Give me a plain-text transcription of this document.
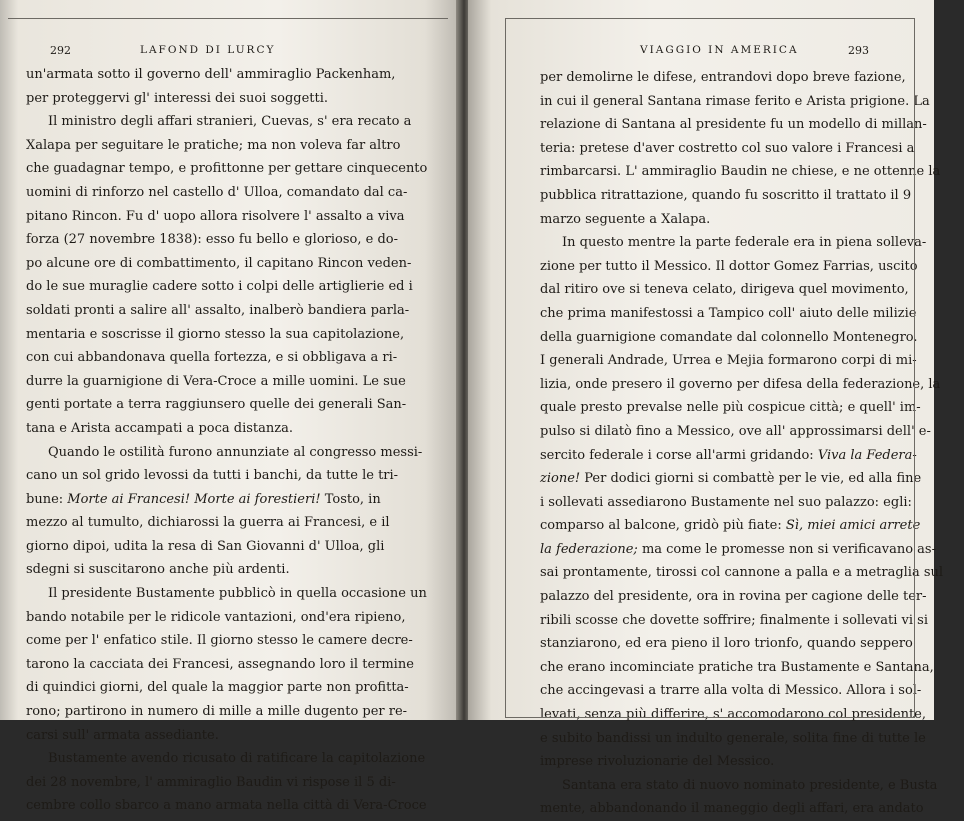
292	LAFOND DI LURCY
un'armata sotto il governo dell' ammiraglio Packenham,
per proteggervi gl' interessi dei suoi soggetti.
Il ministro degli affari stranieri, Cuevas, s' era recato a
Xalapa per seguitare le pratiche; ma non voleva far altro
che guadagnar tempo, e profittonne per gettare cinquecento
uomini di rinforzo nel castello d' Ulloa, comandato dal ca-
pitano Rincon. Fu d' uopo allora risolvere l' assalto a viva
forza (27 novembre 1838): esso fu bello e glorioso, e do-
po alcune ore di combattimento, il capitano Rincon veden-
do le sue muraglie cadere sotto i colpi delle artiglierie ed i
soldati pronti a salire all' assalto, inalberò bandiera parla-
mentaria e soscrisse il giorno stesso la sua capitolazione,
con cui abbandonava quella fortezza, e si obbligava a ri-
durre la guarnigione di Vera-Croce a mille uomini. Le sue
genti portate a terra raggiunsero quelle dei generali San-
tana e Arista accampati a poca distanza.
Quando le ostilità furono annunziate al congresso messi-
cano un sol grido levossi da tutti i banchi, da tutte le tri-
bune: Morte ai Francesi! Morte ai forestieri! Tosto, in
mezzo al tumulto, dichiarossi la guerra ai Francesi, e il
giorno dipoi, udita la resa di San Giovanni d' Ulloa, gli
sdegni si suscitarono anche più ardenti.
Il presidente Bustamente pubblicò in quella occasione un
bando notabile per le ridicole vantazioni, ond'era ripieno,
come per l' enfatico stile. Il giorno stesso le camere decre-
tarono la cacciata dei Francesi, assegnando loro il termine
di quindici giorni, del quale la maggior parte non profitta-
rono; partirono in numero di mille a mille dugento per re-
carsi sull' armata assediante.
Bustamente avendo ricusato di ratificare la capitolazione
dei 28 novembre, l' ammiraglio Baudin vi rispose il 5 di-
cembre collo sbarco a mano armata nella città di Vera-Croce
VIAGGIO IN AMERICA	293
per demolirne le difese, entrandovi dopo breve fazione,
in cui il general Santana rimase ferito e Arista prigione. La
relazione di Santana al presidente fu un modello di millan-
teria: pretese d'aver costretto col suo valore i Francesi a
rimbarcarsi. L' ammiraglio Baudin ne chiese, e ne ottenne la
pubblica ritrattazione, quando fu soscritto il trattato il 9
marzo seguente a Xalapa.
In questo mentre la parte federale era in piena solleva-
zione per tutto il Messico. Il dottor Gomez Farrias, uscito
dal ritiro ove si teneva celato, dirigeva quel movimento,
che prima manifestossi a Tampico coll' aiuto delle milizie
della guarnigione comandate dal colonnello Montenegro.
I generali Andrade, Urrea e Mejia formarono corpi di mi-
lizia, onde presero il governo per difesa della federazione, la
quale presto prevalse nelle più cospicue città; e quell' im-
pulso si dilatò fino a Messico, ove all' approssimarsi dell' e-
sercito federale i corse all'armi gridando: Viva la Federa-
zione! Per dodici giorni si combattè per le vie, ed alla fine
i sollevati assediarono Bustamente nel suo palazzo: egli:
comparso al balcone, gridò più fiate: Sì, miei amici arrete
la federazione; ma come le promesse non si verificavano as-
sai prontamente, tirossi col cannone a palla e a metraglia sul
palazzo del presidente, ora in rovina per cagione delle ter-
ribili scosse che dovette soffrire; finalmente i sollevati vi si
stanziarono, ed era pieno il loro trionfo, quando seppero
che erano incominciate pratiche tra Bustamente e Santana,
che accingevasi a trarre alla volta di Messico. Allora i sol-
levati, senza più differire, s' accomodarono col presidente,
e subito bandissi un indulto generale, solita fine di tutte le
imprese rivoluzionarie del Messico.
Santana era stato di nuovo nominato presidente, e Busta
mente, abbandonando il maneggio degli affari, era andato
